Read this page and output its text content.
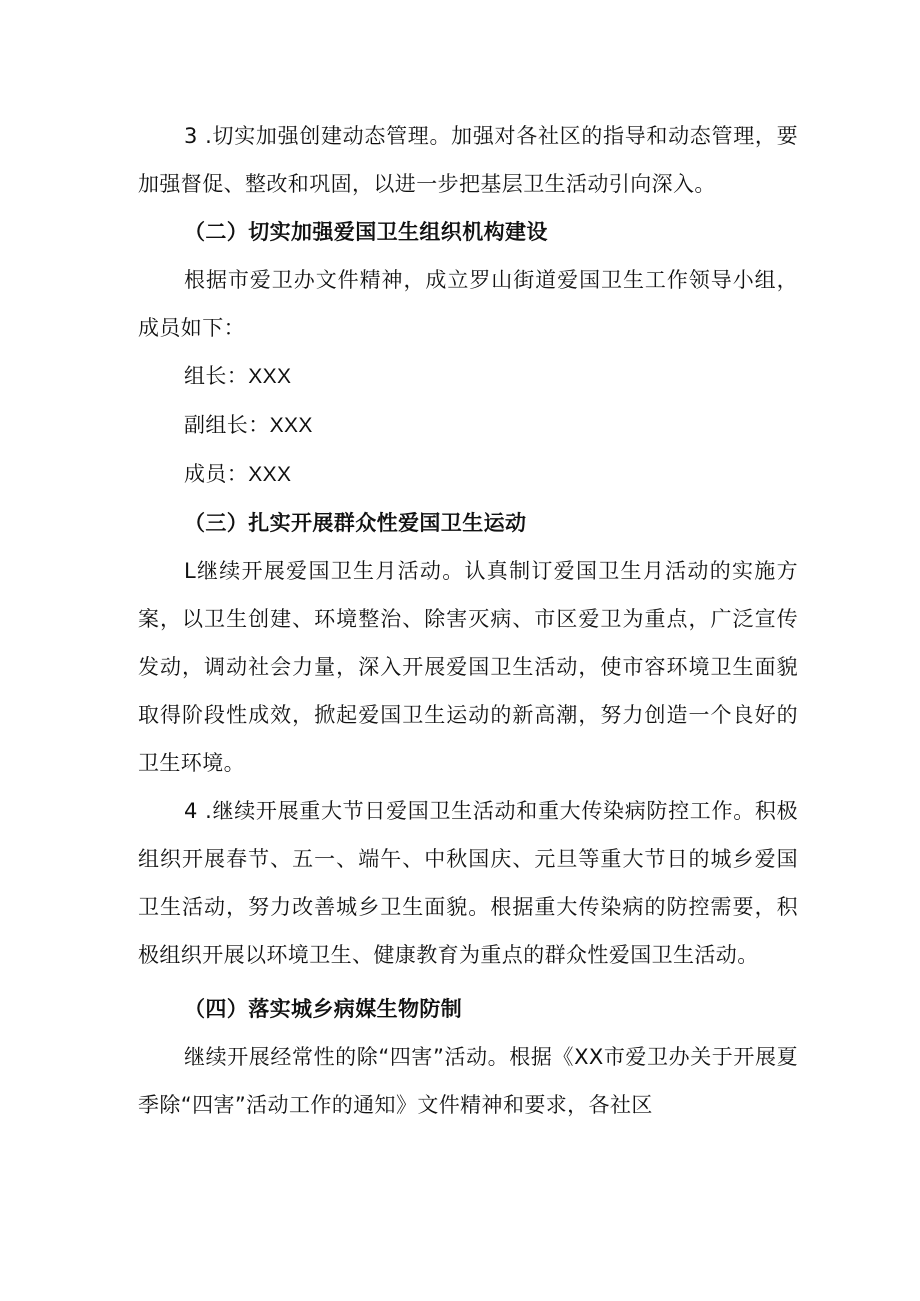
3 .切实加强创建动态管理。加强对各社区的指导和动态管理，要加强督促、整改和巩固，以进一步把基层卫生活动引向深入。

（二）切实加强爱国卫生组织机构建设

根据市爱卫办文件精神，成立罗山街道爱国卫生工作领导小组，成员如下：

组长：XXX

副组长：XXX

成员：XXX

（三）扎实开展群众性爱国卫生运动

L继续开展爱国卫生月活动。认真制订爱国卫生月活动的实施方案，以卫生创建、环境整治、除害灭病、市区爱卫为重点，广泛宣传发动，调动社会力量，深入开展爱国卫生活动，使市容环境卫生面貌取得阶段性成效，掀起爱国卫生运动的新高潮，努力创造一个良好的卫生环境。

4 .继续开展重大节日爱国卫生活动和重大传染病防控工作。积极组织开展春节、五一、端午、中秋国庆、元旦等重大节日的城乡爱国卫生活动，努力改善城乡卫生面貌。根据重大传染病的防控需要，积极组织开展以环境卫生、健康教育为重点的群众性爱国卫生活动。

（四）落实城乡病媒生物防制

继续开展经常性的除“四害”活动。根据《XX市爱卫办关于开展夏季除“四害”活动工作的通知》文件精神和要求，各社区
